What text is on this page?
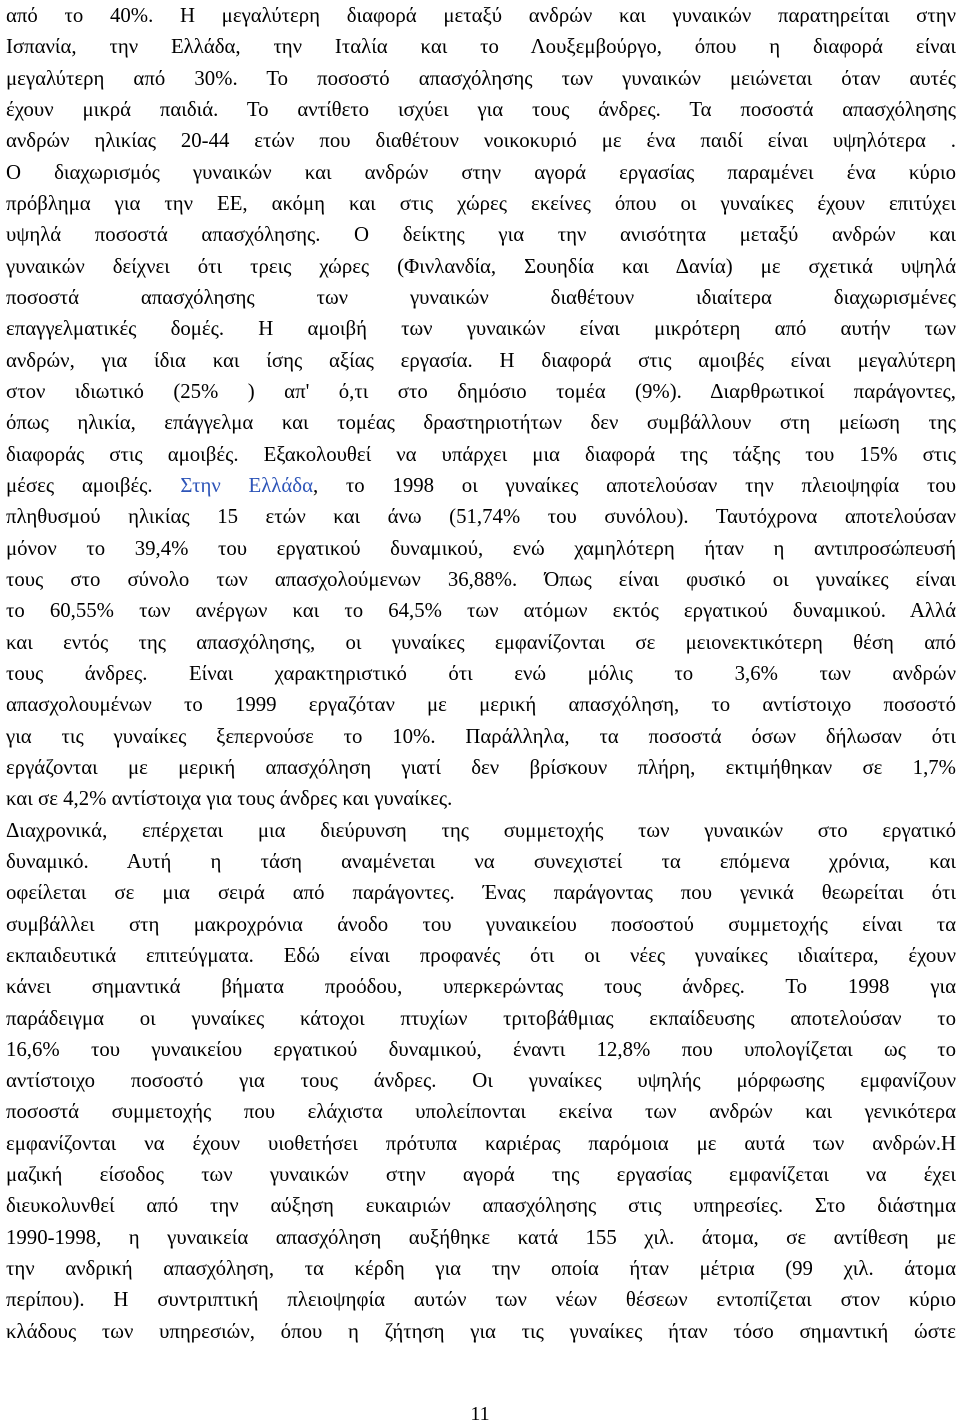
από το 40%. Η μεγαλύτερη διαφορά μεταξύ ανδρών και γυναικών παρατηρείται στην
Ισπανία, την Ελλάδα, την Ιταλία και το Λουξεμβούργο, όπου η διαφορά είναι
μεγαλύτερη από 30%. Το ποσοστό απασχόλησης των γυναικών μειώνεται όταν αυτές
έχουν μικρά παιδιά. Το αντίθετο ισχύει για τους άνδρες. Τα ποσοστά απασχόλησης
ανδρών ηλικίας 20-44 ετών που διαθέτουν νοικοκυριό με ένα παιδί είναι υψηλότερα .
Ο διαχωρισμός γυναικών και ανδρών στην αγορά εργασίας παραμένει ένα κύριο
πρόβλημα για την ΕΕ, ακόμη και στις χώρες εκείνες όπου οι γυναίκες έχουν επιτύχει
υψηλά ποσοστά απασχόλησης. Ο δείκτης για την ανισότητα μεταξύ ανδρών και
γυναικών δείχνει ότι τρεις χώρες (Φινλανδία, Σουηδία και Δανία) με σχετικά υψηλά
ποσοστά απασχόλησης των γυναικών διαθέτουν ιδιαίτερα διαχωρισμένες
επαγγελματικές δομές. Η αμοιβή των γυναικών είναι μικρότερη από αυτήν των
ανδρών, για ίδια και ίσης αξίας εργασία. Η διαφορά στις αμοιβές είναι μεγαλύτερη
στον ιδιωτικό (25% ) απ' ό,τι στο δημόσιο τομέα (9%). Διαρθρωτικοί παράγοντες,
όπως ηλικία, επάγγελμα και τομέας δραστηριοτήτων δεν συμβάλλουν στη μείωση της
διαφοράς στις αμοιβές. Εξακολουθεί να υπάρχει μια διαφορά της τάξης του 15% στις
μέσες αμοιβές. Στην Ελλάδα, το 1998 οι γυναίκες αποτελούσαν την πλειοψηφία του
πληθυσμού ηλικίας 15 ετών και άνω (51,74% του συνόλου). Ταυτόχρονα αποτελούσαν
μόνον το 39,4% του εργατικού δυναμικού, ενώ χαμηλότερη ήταν η αντιπροσώπευσή
τους στο σύνολο των απασχολούμενων 36,88%. Όπως είναι φυσικό οι γυναίκες είναι
το 60,55% των ανέργων και το 64,5% των ατόμων εκτός εργατικού δυναμικού. Αλλά
και εντός της απασχόλησης, οι γυναίκες εμφανίζονται σε μειονεκτικότερη θέση από
τους άνδρες. Είναι χαρακτηριστικό ότι ενώ μόλις το 3,6% των ανδρών
απασχολουμένων το 1999 εργαζόταν με μερική απασχόληση, το αντίστοιχο ποσοστό
για τις γυναίκες ξεπερνούσε το 10%. Παράλληλα, τα ποσοστά όσων δήλωσαν ότι
εργάζονται με μερική απασχόληση γιατί δεν βρίσκουν πλήρη, εκτιμήθηκαν σε 1,7%
και σε 4,2% αντίστοιχα για τους άνδρες και γυναίκες.
Διαχρονικά, επέρχεται μια διεύρυνση της συμμετοχής των γυναικών στο εργατικό
δυναμικό. Αυτή η τάση αναμένεται να συνεχιστεί τα επόμενα χρόνια, και
οφείλεται σε μια σειρά από παράγοντες. Ένας παράγοντας που γενικά θεωρείται ότι
συμβάλλει στη μακροχρόνια άνοδο του γυναικείου ποσοστού συμμετοχής είναι τα
εκπαιδευτικά επιτεύγματα. Εδώ είναι προφανές ότι οι νέες γυναίκες ιδιαίτερα, έχουν
κάνει σημαντικά βήματα προόδου, υπερκερώντας τους άνδρες. Το 1998 για
παράδειγμα οι γυναίκες κάτοχοι πτυχίων τριτοβάθμιας εκπαίδευσης αποτελούσαν το
16,6% του γυναικείου εργατικού δυναμικού, έναντι 12,8% που υπολογίζεται ως το
αντίστοιχο ποσοστό για τους άνδρες. Οι γυναίκες υψηλής μόρφωσης εμφανίζουν
ποσοστά συμμετοχής που ελάχιστα υπολείπονται εκείνα των ανδρών και γενικότερα
εμφανίζονται να έχουν υιοθετήσει πρότυπα καριέρας παρόμοια με αυτά των ανδρών.Η
μαζική είσοδος των γυναικών στην αγορά της εργασίας εμφανίζεται να έχει
διευκολυνθεί από την αύξηση ευκαιριών απασχόλησης στις υπηρεσίες. Στο διάστημα
1990-1998, η γυναικεία απασχόληση αυξήθηκε κατά 155 χιλ. άτομα, σε αντίθεση με
την ανδρική απασχόληση, τα κέρδη για την οποία ήταν μέτρια (99 χιλ. άτομα
περίπου). Η συντριπτική πλειοψηφία αυτών των νέων θέσεων εντοπίζεται στον κύριο
κλάδους των υπηρεσιών, όπου η ζήτηση για τις γυναίκες ήταν τόσο σημαντική ώστε
11
